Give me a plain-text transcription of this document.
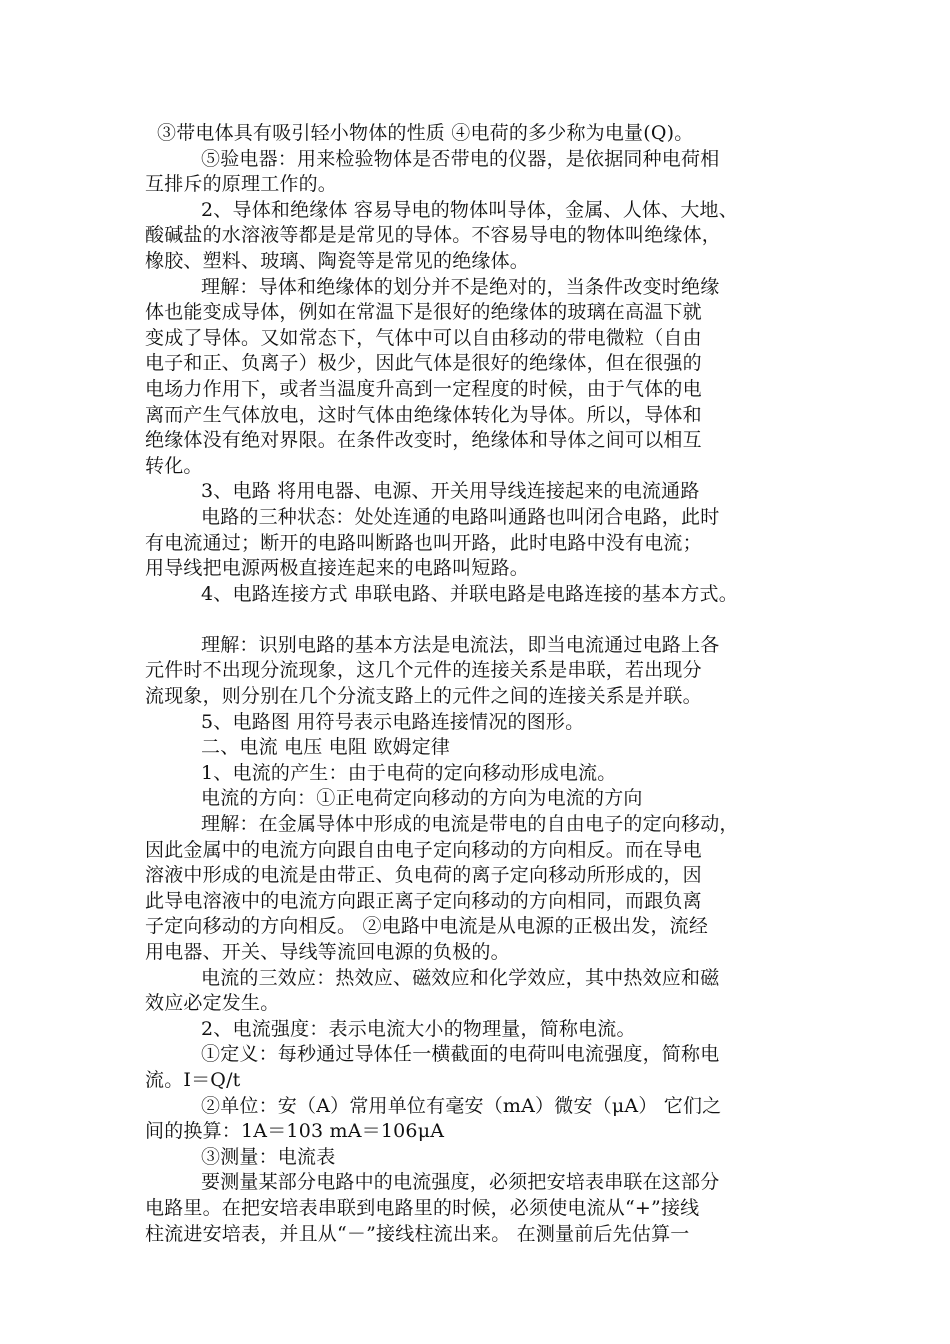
③带电体具有吸引轻小物体的性质 ④电荷的多少称为电量(Q)。
⑤验电器：用来检验物体是否带电的仪器，是依据同种电荷相
互排斥的原理工作的。
2、导体和绝缘体 容易导电的物体叫导体，金属、人体、大地、
酸碱盐的水溶液等都是是常见的导体。不容易导电的物体叫绝缘体，
橡胶、塑料、玻璃、陶瓷等是常见的绝缘体。
理解：导体和绝缘体的划分并不是绝对的，当条件改变时绝缘
体也能变成导体，例如在常温下是很好的绝缘体的玻璃在高温下就
变成了导体。又如常态下，气体中可以自由移动的带电微粒（自由
电子和正、负离子）极少，因此气体是很好的绝缘体，但在很强的
电场力作用下，或者当温度升高到一定程度的时候，由于气体的电
离而产生气体放电，这时气体由绝缘体转化为导体。所以，导体和
绝缘体没有绝对界限。在条件改变时，绝缘体和导体之间可以相互
转化。
3、电路 将用电器、电源、开关用导线连接起来的电流通路
电路的三种状态：处处连通的电路叫通路也叫闭合电路，此时
有电流通过；断开的电路叫断路也叫开路，此时电路中没有电流；
用导线把电源两极直接连起来的电路叫短路。
4、电路连接方式 串联电路、并联电路是电路连接的基本方式。
理解：识别电路的基本方法是电流法，即当电流通过电路上各
元件时不出现分流现象，这几个元件的连接关系是串联，若出现分
流现象，则分别在几个分流支路上的元件之间的连接关系是并联。
5、电路图 用符号表示电路连接情况的图形。
二、电流 电压 电阻 欧姆定律
1、电流的产生：由于电荷的定向移动形成电流。
电流的方向：①正电荷定向移动的方向为电流的方向
理解：在金属导体中形成的电流是带电的自由电子的定向移动，
因此金属中的电流方向跟自由电子定向移动的方向相反。而在导电
溶液中形成的电流是由带正、负电荷的离子定向移动所形成的，因
此导电溶液中的电流方向跟正离子定向移动的方向相同，而跟负离
子定向移动的方向相反。 ②电路中电流是从电源的正极出发，流经
用电器、开关、导线等流回电源的负极的。
电流的三效应：热效应、磁效应和化学效应，其中热效应和磁
效应必定发生。
2、电流强度：表示电流大小的物理量，简称电流。
①定义：每秒通过导体任一横截面的电荷叫电流强度，简称电
流。I＝Q/t
②单位：安（A）常用单位有毫安（mA）微安（μA） 它们之
间的换算：1A＝103 mA＝106μA
③测量：电流表
要测量某部分电路中的电流强度，必须把安培表串联在这部分
电路里。在把安培表串联到电路里的时候，必须使电流从“+”接线
柱流进安培表，并且从“－”接线柱流出来。 在测量前后先估算一
